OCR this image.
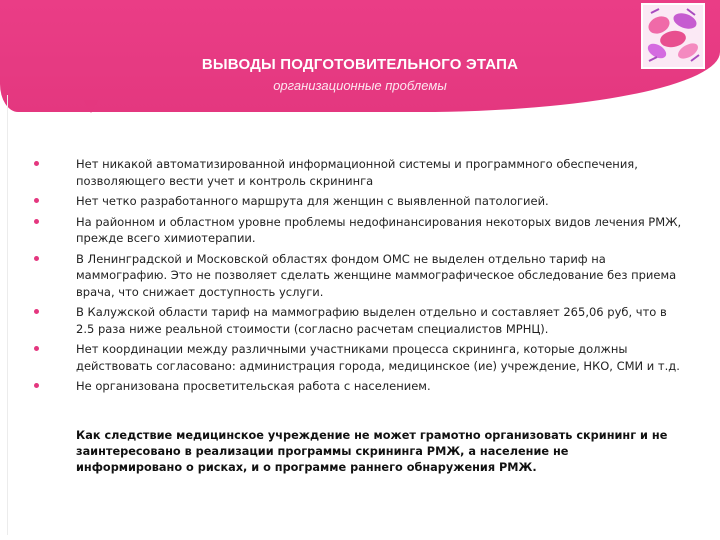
ВЫВОДЫ ПОДГОТОВИТЕЛЬНОГО ЭТАПА
организационные проблемы
Нет никакой автоматизированной информационной системы и программного обеспечения, позволяющего вести учет и контроль скрининга
Нет четко разработанного маршрута для женщин с выявленной патологией.
На районном и областном уровне проблемы недофинансирования некоторых видов лечения РМЖ, прежде всего химиотерапии.
В Ленинградской и Московской областях фондом ОМС не выделен отдельно тариф на маммографию. Это не позволяет сделать женщине маммографическое обследование без приема врача, что снижает доступность услуги.
В Калужской области тариф на маммографию выделен отдельно и составляет 265,06 руб, что в 2.5 раза ниже реальной стоимости (согласно расчетам специалистов МРНЦ).
Нет координации между различными участниками процесса скрининга, которые должны действовать согласовано: администрация города, медицинское (ие) учреждение, НКО, СМИ и т.д.
Не организована просветительская работа с населением.

Как следствие медицинское учреждение не может грамотно организовать скрининг и не заинтересовано в реализации программы скрининга РМЖ, а население не информировано о рисках, и о программе раннего обнаружения РМЖ.
